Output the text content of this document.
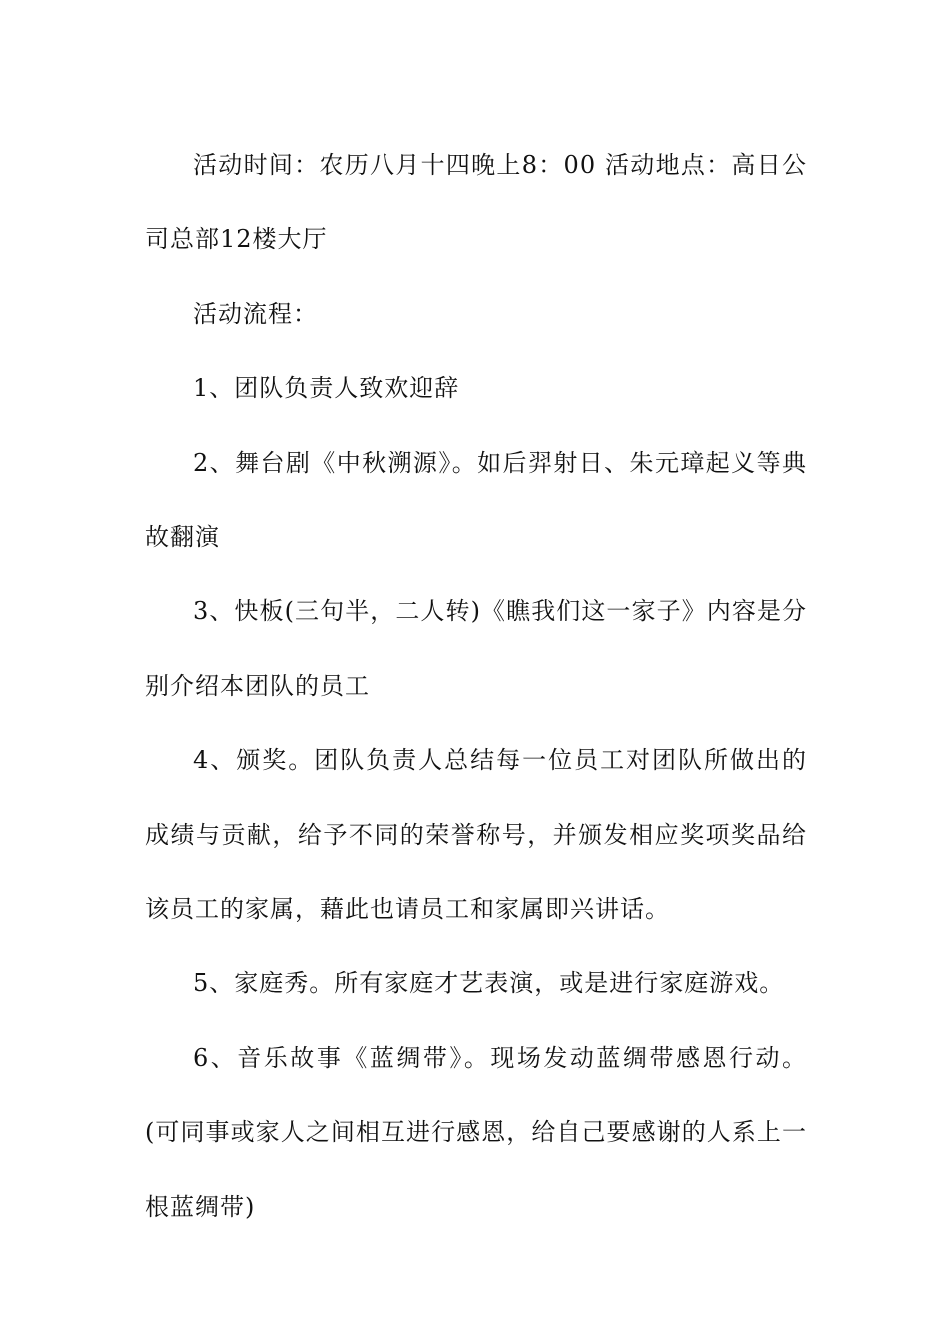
活动时间：农历八月十四晚上8：00 活动地点：高日公司总部12楼大厅

活动流程：

1、团队负责人致欢迎辞

2、舞台剧《中秋溯源》。如后羿射日、朱元璋起义等典故翻演

3、快板(三句半，二人转)《瞧我们这一家子》内容是分别介绍本团队的员工

4、颁奖。团队负责人总结每一位员工对团队所做出的成绩与贡献，给予不同的荣誉称号，并颁发相应奖项奖品给该员工的家属，藉此也请员工和家属即兴讲话。

5、家庭秀。所有家庭才艺表演，或是进行家庭游戏。

6、音乐故事《蓝绸带》。现场发动蓝绸带感恩行动。(可同事或家人之间相互进行感恩，给自己要感谢的人系上一根蓝绸带)
